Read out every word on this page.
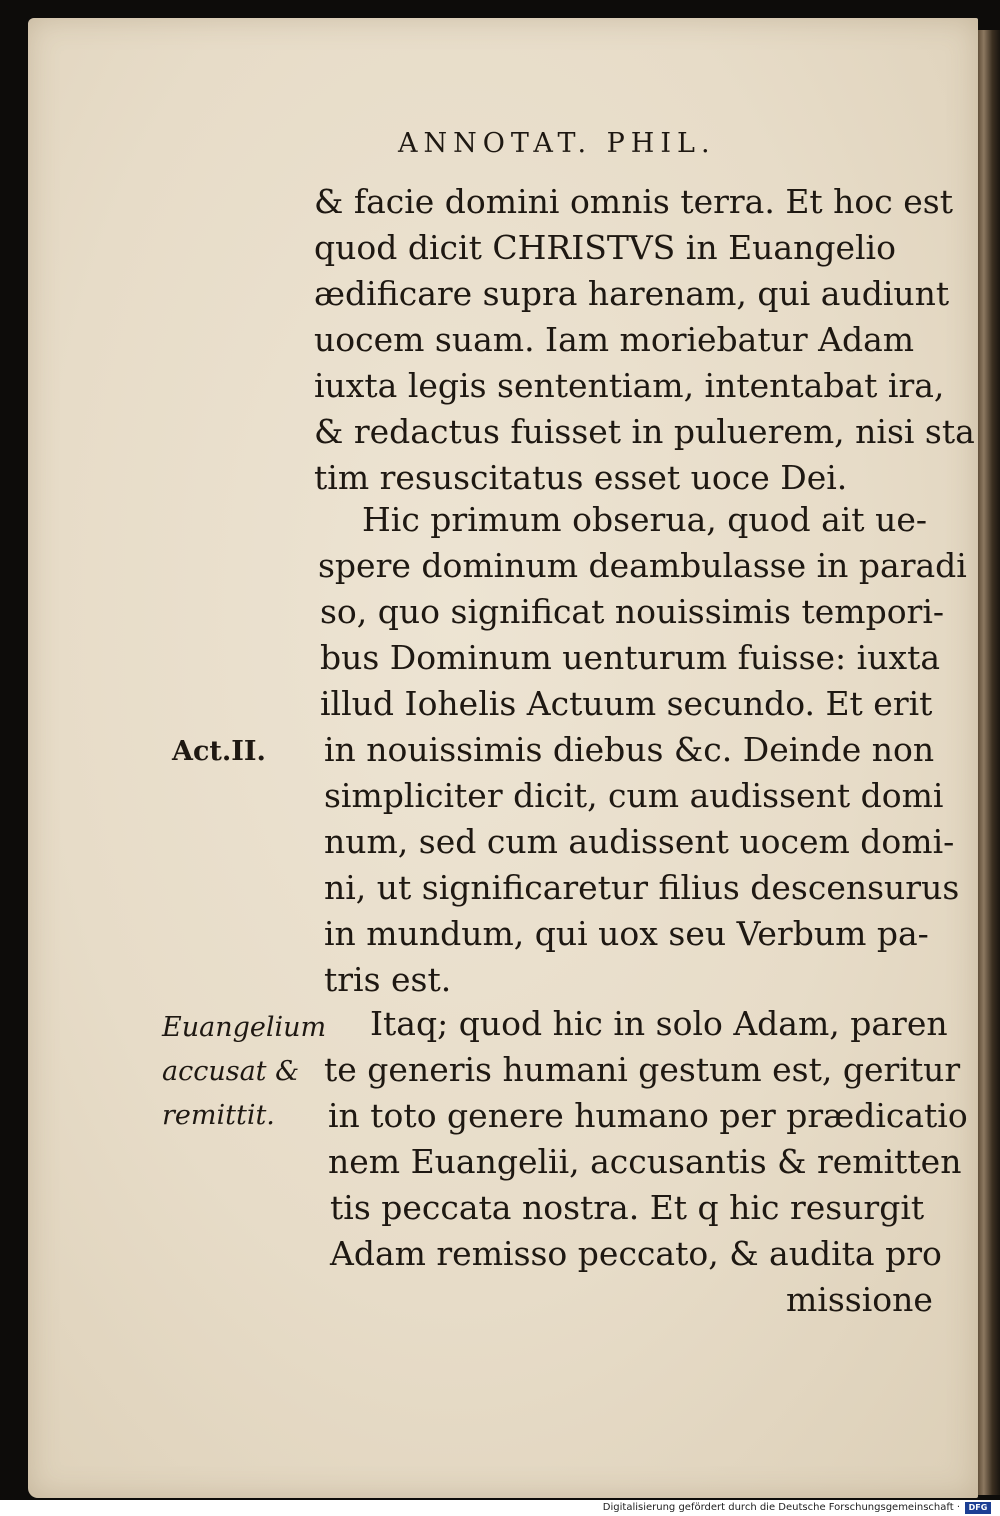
ANNOTAT. PHIL.
& facie domini omnis terra. Et hoc est
quod dicit CHRISTVS in Euangelio
ædificare supra harenam, qui audiunt
uocem suam. Iam moriebatur Adam
iuxta legis sententiam, intentabat ira,
& redactus fuisset in puluerem, nisi sta
tim resuscitatus esset uoce Dei.
Hic primum obserua, quod ait ue-
spere dominum deambulasse in paradi
so, quo significat nouissimis tempori-
bus Dominum uenturum fuisse: iuxta
illud Iohelis Actuum secundo. Et erit
in nouissimis diebus &c. Deinde non
simpliciter dicit, cum audissent domi
num, sed cum audissent uocem domi-
ni, ut significaretur filius descensurus
in mundum, qui uox seu Verbum pa-
tris est.
Itaq; quod hic in solo Adam, paren
te generis humani gestum est, geritur
in toto genere humano per prædicatio
nem Euangelii, accusantis & remitten
tis peccata nostra. Et q hic resurgit
Adam remisso peccato, & audita pro
missione
Act.II.
Euangelium
accusat &
remittit.
Digitalisierung gefördert durch die Deutsche Forschungsgemeinschaft ·	DFG
